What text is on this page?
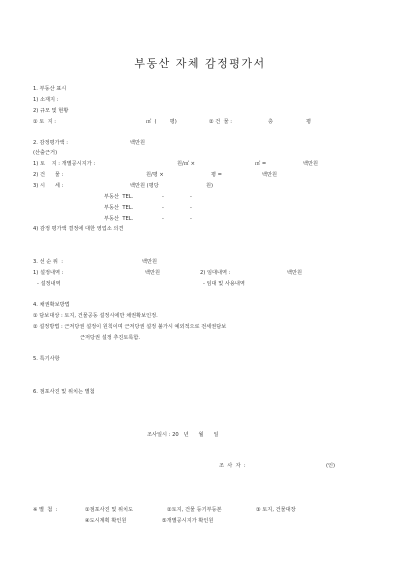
부동산 자체 감정평가서
1. 부동산 표시
1) 소재지 :
2) 규모 및 현황
① 토  지 :	㎡  (        평)	② 건  물 :	층	평
2. 감정평가액 :	백만원
(산출근거)
1) 토    지 : 개별공시지가 :	원/㎡ ×	㎡ =	백만원
2) 건      물 :	원/평 ×	평 =	백만원
3) 시      세 :	백만원 (평당	원)
부동산  TEL.	-	-
부동산  TEL.	-	-
부동산  TEL.	-	-
4) 감정 평가액 결정에 대한 영업소 의견
3. 선 순 위  :	백만원
1) 설정내역 :	백만원	2) 임대내역 :	백만원
- 설정내역	- 임대 및 사용내역
4. 채권확보방법
① 담보대상 : 토지, 건물공동 설정시에만 채권확보인정.
② 설정방법 : 근저당권 설정이 원칙이며 근저당권 설정 불가시 예외적으로 전세권담보
근저당권 설정 추진토록함.
5. 특기사항
6. 점포사진 및 위치는 별첨
조사일시 : 20   년      월      일
조  사  자  :	(인)
※ 별  첨  :	①점포사진 및 위치도	②토지, 건물 등기부등본	③ 토지, 건물대장
④도시계획 확인원	⑤개별공시지가 확인원
